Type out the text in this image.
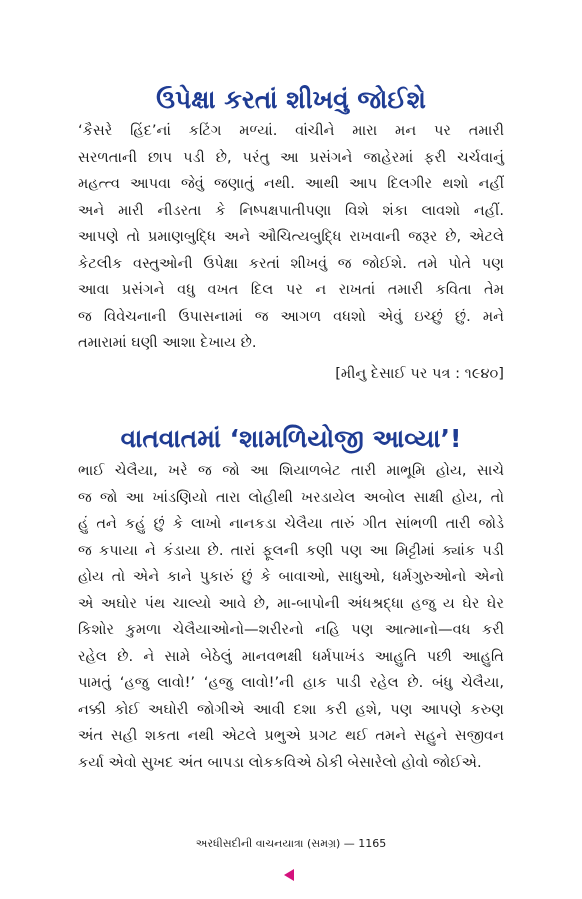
ઉપેક્ષા કરતાં શીખવું જોઈશે
‘કૈસરે હિંદ’નાં કટિંગ મળ્યાં. વાંચીને મારા મન પર તમારી
સરળતાની છાપ પડી છે, પરંતુ આ પ્રસંગને જાહેરમાં ફરી ચર્ચવાનું
મહત્ત્વ આપવા જેવું જણાતું નથી. આથી આપ દિલગીર થશો નહીં
અને મારી નીડરતા કે નિષ્પક્ષપાતીપણા વિશે શંકા લાવશો નહીં.
આપણે તો પ્રમાણબુદ્ધિ અને ઔચિત્યબુદ્ધિ રાખવાની જરૂર છે, એટલે
કેટલીક વસ્તુઓની ઉપેક્ષા કરતાં શીખવું જ જોઈશે. તમે પોતે પણ
આવા પ્રસંગને વધુ વખત દિલ પર ન રાખતાં તમારી કવિતા તેમ
જ વિવેચનાની ઉપાસનામાં જ આગળ વધશો એવું ઇચ્છું છું. મને
તમારામાં ઘણી આશા દેખાય છે.
[મીનુ દેસાઈ પર પત્ર : ૧૯૪૦]
વાતવાતમાં ‘શામળિયોજી આવ્યા’!
ભાઈ ચેલૈયા, ખરે જ જો આ શિયાળબેટ તારી માભૂમિ હોય, સાચે
જ જો આ ખાંડણિયો તારા લોહીથી ખરડાયેલ અબોલ સાક્ષી હોય, તો
હું તને કહું છું કે લાખો નાનકડા ચેલૈયા તારું ગીત સાંભળી તારી જોડે
જ કપાયા ને કંડાયા છે. તારાં ફૂલની કણી પણ આ મિટ્ટીમાં ક્યાંક પડી
હોય તો એને કાને પુકારું છું કે બાવાઓ, સાધુઓ, ધર્મગુરુઓનો એનો
એ અઘોર પંથ ચાલ્યો આવે છે, મા-બાપોની અંધશ્રદ્ધા હજુ ય ઘેર ઘેર
કિશોર કુમળા ચેલૈયાઓનો—શરીરનો નહિ પણ આત્માનો—વધ કરી
રહેલ છે. ને સામે બેઠેલું માનવભક્ષી ધર્મપાખંડ આહુતિ પછી આહુતિ
પામતું ‘હજુ લાવો!’ ‘હજુ લાવો!’ની હાક પાડી રહેલ છે. બંધુ ચેલૈયા,
નક્કી કોઈ અઘોરી જોગીએ આવી દશા કરી હશે, પણ આપણે કરુણ
અંત સહી શકતા નથી એટલે પ્રભુએ પ્રગટ થઈ તમને સહુને સજીવન
કર્યા એવો સુખદ અંત બાપડા લોકકવિએ ઠોકી બેસારેલો હોવો જોઈએ.
અરધીસદીની વાચનયાત્રા (સમગ્ર) — 1165
